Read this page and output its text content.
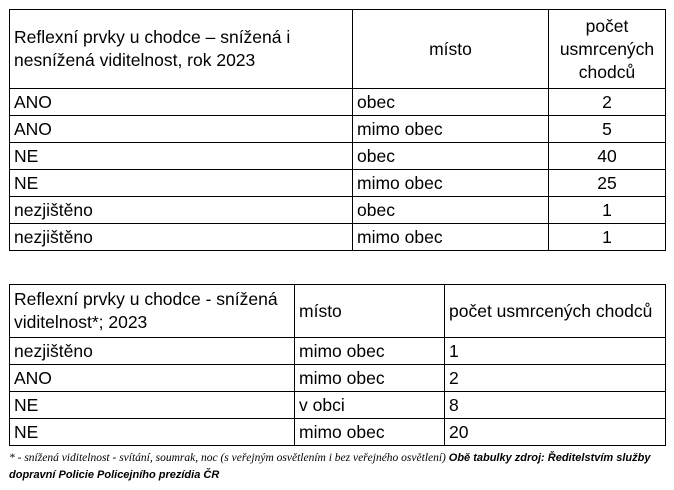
Reflexní prvky u chodce – snížená i nesnížená viditelnost, rok 2023	místo	počet usmrcených chodců
ANO	obec	2
ANO	mimo obec	5
NE	obec	40
NE	mimo obec	25
nezjištěno	obec	1
nezjištěno	mimo obec	1
Reflexní prvky u chodce - snížená viditelnost*; 2023	místo	počet usmrcených chodců
nezjištěno	mimo obec	1
ANO	mimo obec	2
NE	v obci	8
NE	mimo obec	20
* - snížená viditelnost - svítání, soumrak, noc (s veřejným osvětlením i bez veřejného osvětlení) Obě tabulky zdroj: Ředitelstvím služby dopravní Policie Policejního prezídia ČR
